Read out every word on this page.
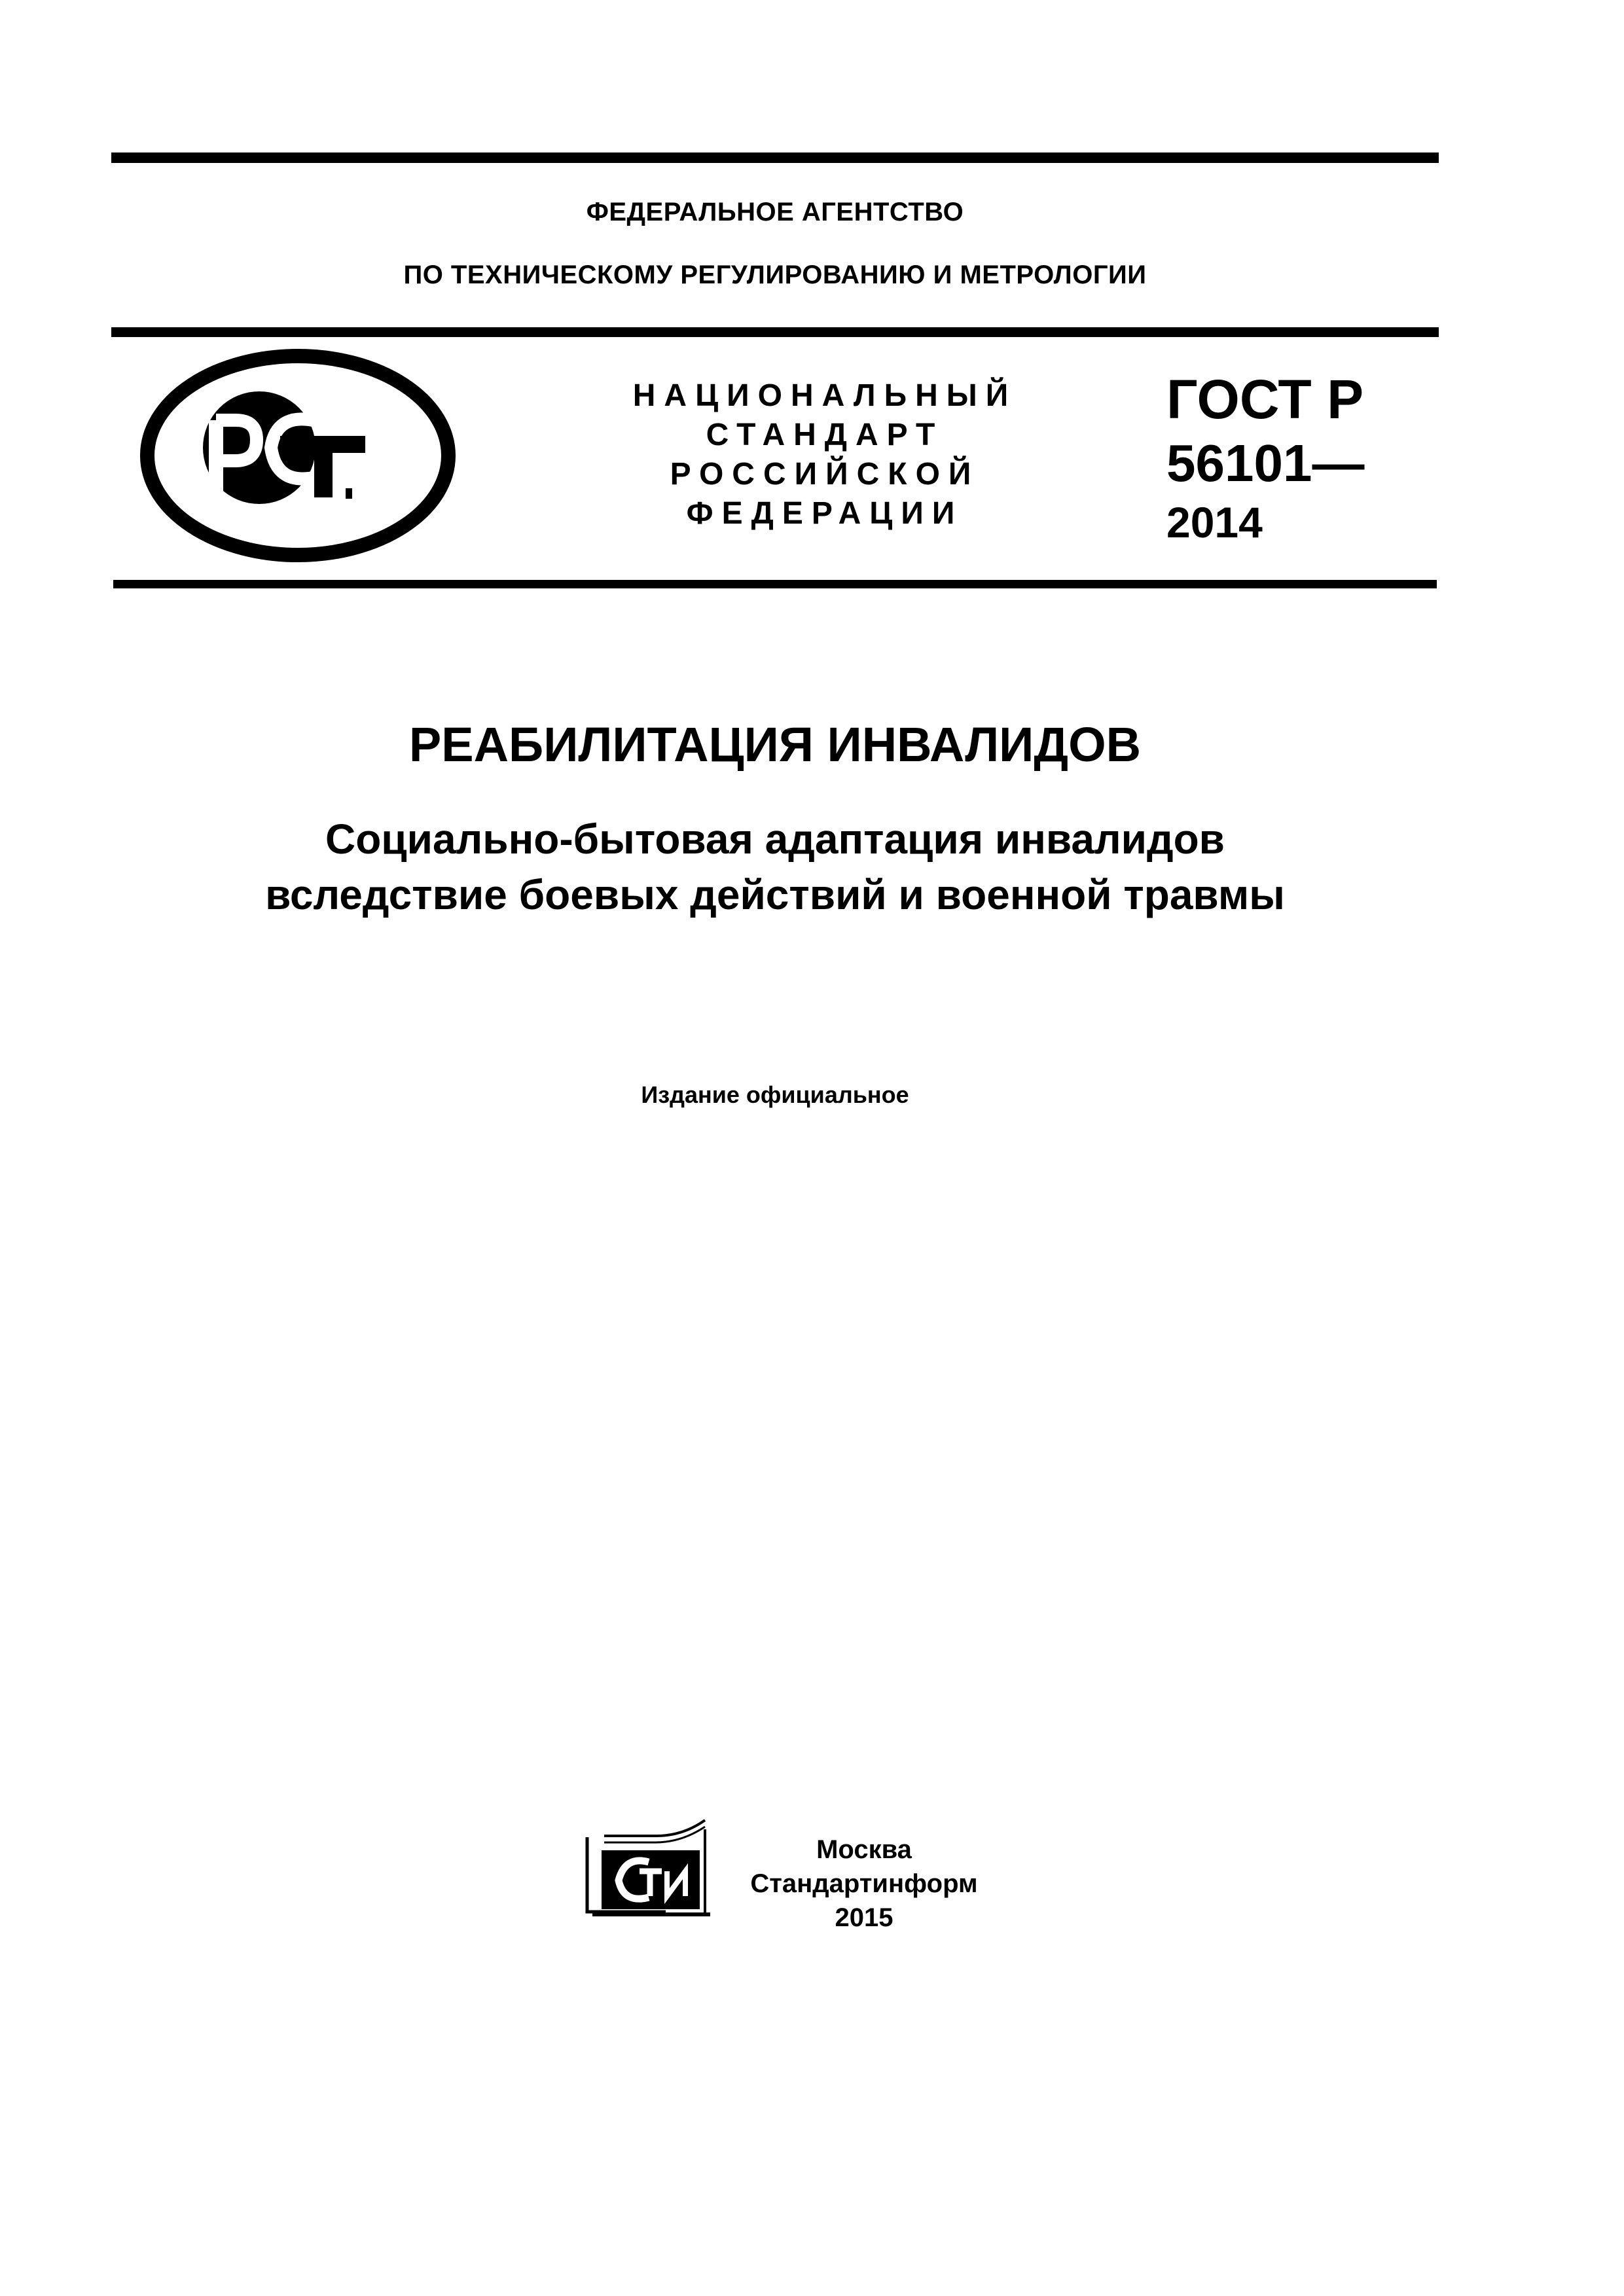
ФЕДЕРАЛЬНОЕ АГЕНТСТВО
ПО ТЕХНИЧЕСКОМУ РЕГУЛИРОВАНИЮ И МЕТРОЛОГИИ
НАЦИОНАЛЬНЫЙ
СТАНДАРТ
РОССИЙСКОЙ
ФЕДЕРАЦИИ
ГОСТ Р
56101—
2014
РЕАБИЛИТАЦИЯ ИНВАЛИДОВ
Социально-бытовая адаптация инвалидов
вследствие боевых действий и военной травмы
Издание официальное
Москва
Стандартинформ
2015
